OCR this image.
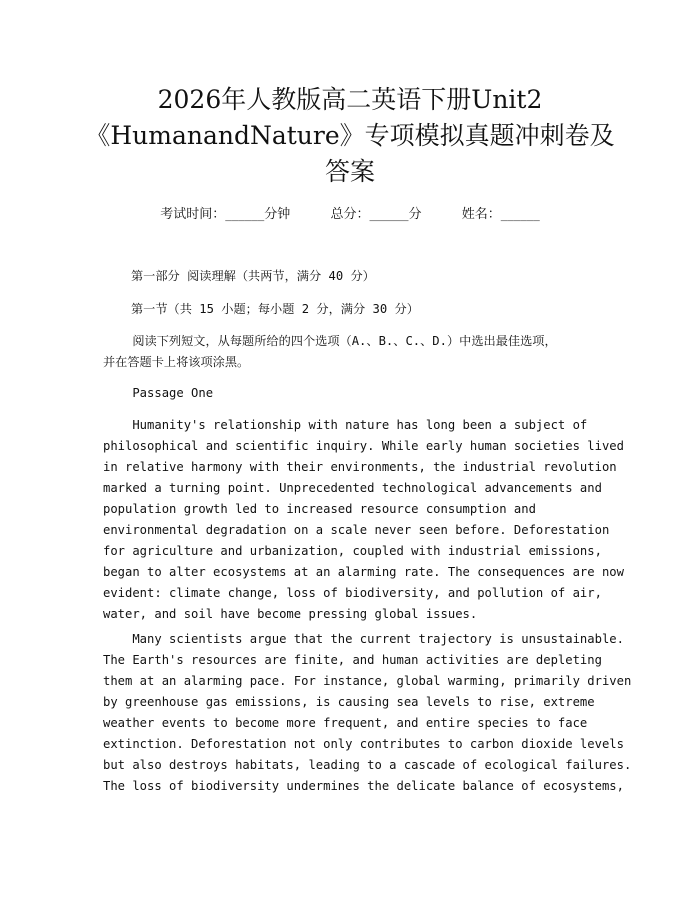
2026年人教版高二英语下册Unit2
《HumanandNature》专项模拟真题冲刺卷及
答案
考试时间：______分钟	总分：______分	姓名：______
第一部分 阅读理解（共两节，满分 40 分）
第一节（共 15 小题；每小题 2 分，满分 30 分）
阅读下列短文，从每题所给的四个选项（A.、B.、C.、D.）中选出最佳选项，
并在答题卡上将该项涂黑。
Passage One
Humanity's relationship with nature has long been a subject of
philosophical and scientific inquiry. While early human societies lived
in relative harmony with their environments, the industrial revolution
marked a turning point. Unprecedented technological advancements and
population growth led to increased resource consumption and
environmental degradation on a scale never seen before. Deforestation
for agriculture and urbanization, coupled with industrial emissions,
began to alter ecosystems at an alarming rate. The consequences are now
evident: climate change, loss of biodiversity, and pollution of air,
water, and soil have become pressing global issues.
Many scientists argue that the current trajectory is unsustainable.
The Earth's resources are finite, and human activities are depleting
them at an alarming pace. For instance, global warming, primarily driven
by greenhouse gas emissions, is causing sea levels to rise, extreme
weather events to become more frequent, and entire species to face
extinction. Deforestation not only contributes to carbon dioxide levels
but also destroys habitats, leading to a cascade of ecological failures.
The loss of biodiversity undermines the delicate balance of ecosystems,
